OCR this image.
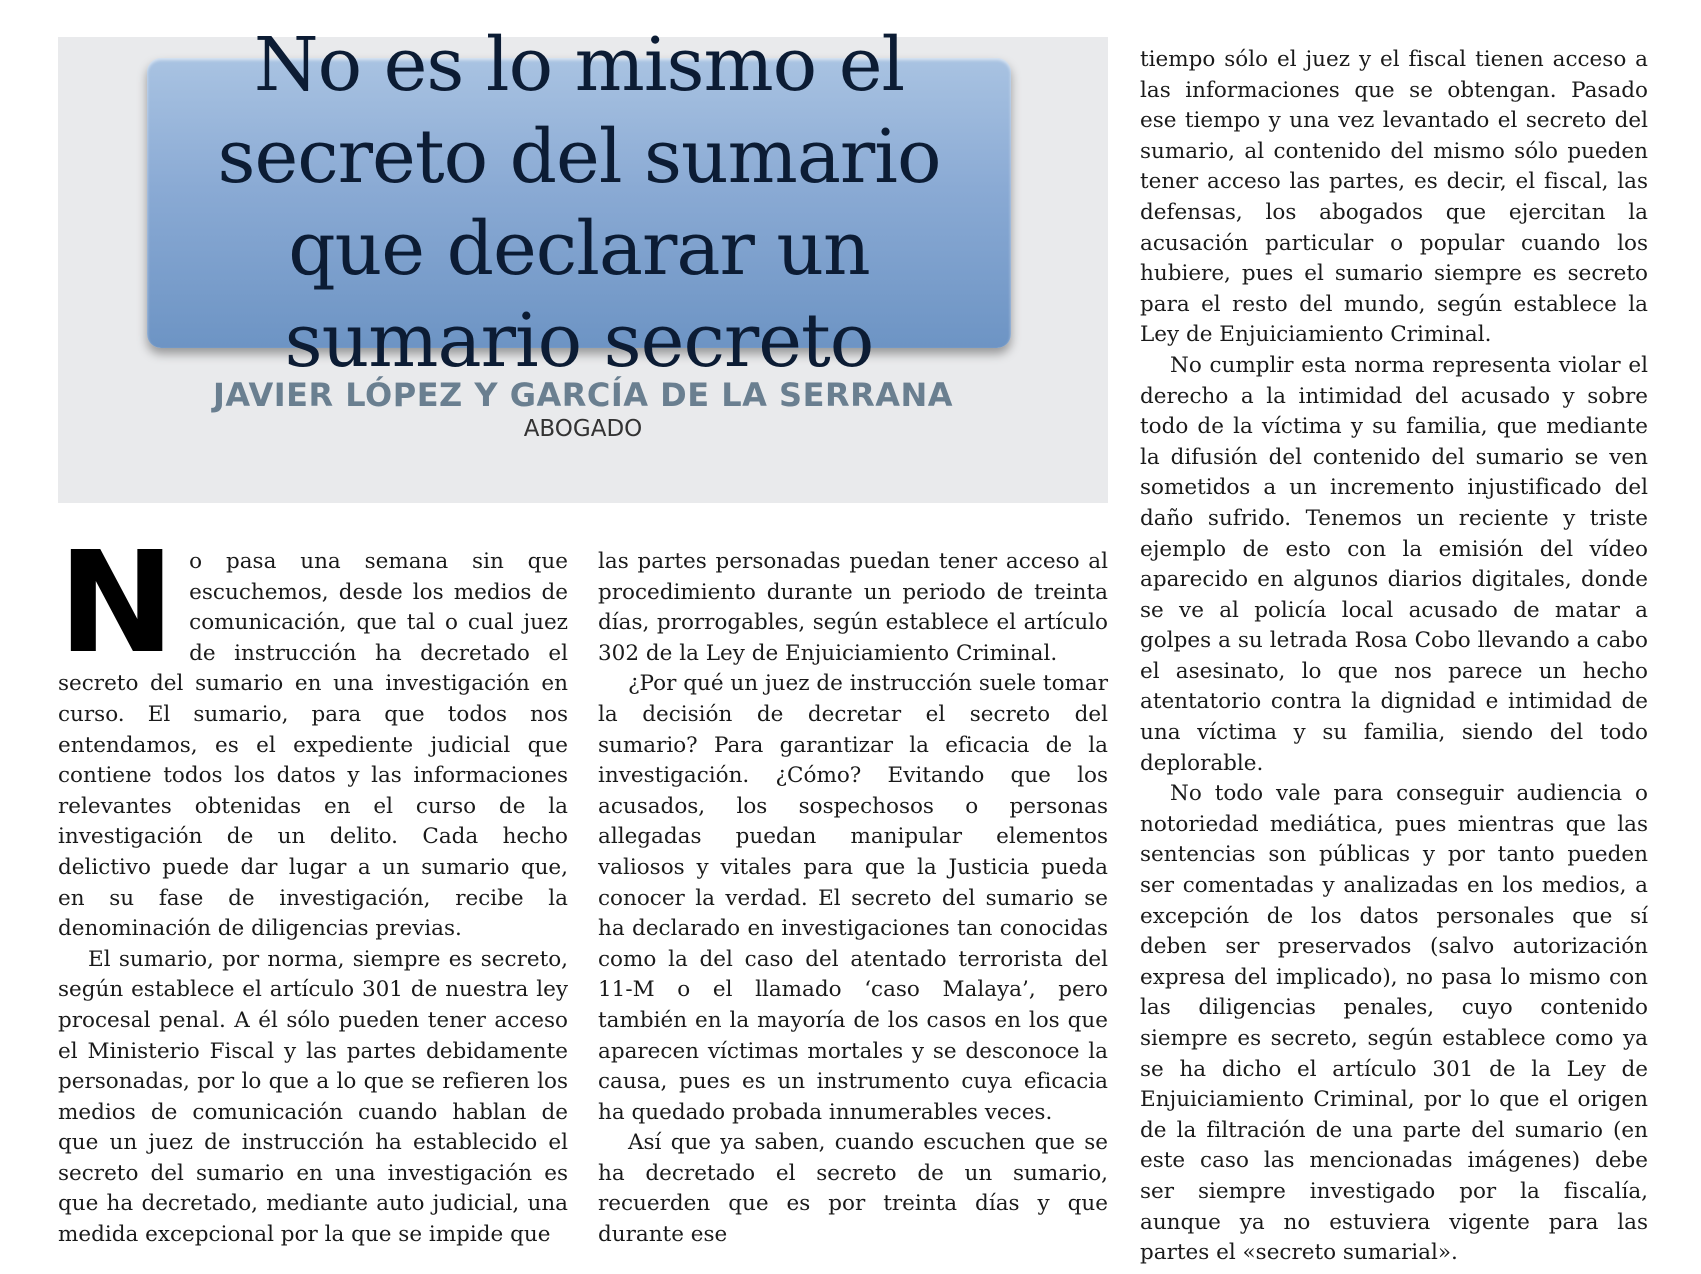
No es lo mismo el secreto del sumario que declarar un sumario secreto
JAVIER LÓPEZ Y GARCÍA DE LA SERRANA
ABOGADO

No pasa una semana sin que escuchemos, desde los medios de comunicación, que tal o cual juez de instrucción ha decretado el secreto del sumario en una investigación en curso. El sumario, para que todos nos entendamos, es el expediente judicial que contiene todos los datos y las informaciones relevantes obtenidas en el curso de la investigación de un delito. Cada hecho delictivo puede dar lugar a un sumario que, en su fase de investigación, recibe la denominación de diligencias previas.

El sumario, por norma, siempre es secreto, según establece el artículo 301 de nuestra ley procesal penal. A él sólo pueden tener acceso el Ministerio Fiscal y las partes debidamente personadas, por lo que a lo que se refieren los medios de comunicación cuando hablan de que un juez de instrucción ha establecido el secreto del sumario en una investigación es que ha decretado, mediante auto judicial, una medida excepcional por la que se impide que

las partes personadas puedan tener acceso al procedimiento durante un periodo de treinta días, prorrogables, según establece el artículo 302 de la Ley de Enjuiciamiento Criminal.

¿Por qué un juez de instrucción suele tomar la decisión de decretar el secreto del sumario? Para garantizar la eficacia de la investigación. ¿Cómo? Evitando que los acusados, los sospechosos o personas allegadas puedan manipular elementos valiosos y vitales para que la Justicia pueda conocer la verdad. El secreto del sumario se ha declarado en investigaciones tan conocidas como la del caso del atentado terrorista del 11-M o el llamado ‘caso Malaya’, pero también en la mayoría de los casos en los que aparecen víctimas mortales y se desconoce la causa, pues es un instrumento cuya eficacia ha quedado probada innumerables veces.

Así que ya saben, cuando escuchen que se ha decretado el secreto de un sumario, recuerden que es por treinta días y que durante ese

tiempo sólo el juez y el fiscal tienen acceso a las informaciones que se obtengan. Pasado ese tiempo y una vez levantado el secreto del sumario, al contenido del mismo sólo pueden tener acceso las partes, es decir, el fiscal, las defensas, los abogados que ejercitan la acusación particular o popular cuando los hubiere, pues el sumario siempre es secreto para el resto del mundo, según establece la Ley de Enjuiciamiento Criminal.

No cumplir esta norma representa violar el derecho a la intimidad del acusado y sobre todo de la víctima y su familia, que mediante la difusión del contenido del sumario se ven sometidos a un incremento injustificado del daño sufrido. Tenemos un reciente y triste ejemplo de esto con la emisión del vídeo aparecido en algunos diarios digitales, donde se ve al policía local acusado de matar a golpes a su letrada Rosa Cobo llevando a cabo el asesinato, lo que nos parece un hecho atentatorio contra la dignidad e intimidad de una víctima y su familia, siendo del todo deplorable.

No todo vale para conseguir audiencia o notoriedad mediática, pues mientras que las sentencias son públicas y por tanto pueden ser comentadas y analizadas en los medios, a excepción de los datos personales que sí deben ser preservados (salvo autorización expresa del implicado), no pasa lo mismo con las diligencias penales, cuyo contenido siempre es secreto, según establece como ya se ha dicho el artículo 301 de la Ley de Enjuiciamiento Criminal, por lo que el origen de la filtración de una parte del sumario (en este caso las mencionadas imágenes) debe ser siempre investigado por la fiscalía, aunque ya no estuviera vigente para las partes el «secreto sumarial».
